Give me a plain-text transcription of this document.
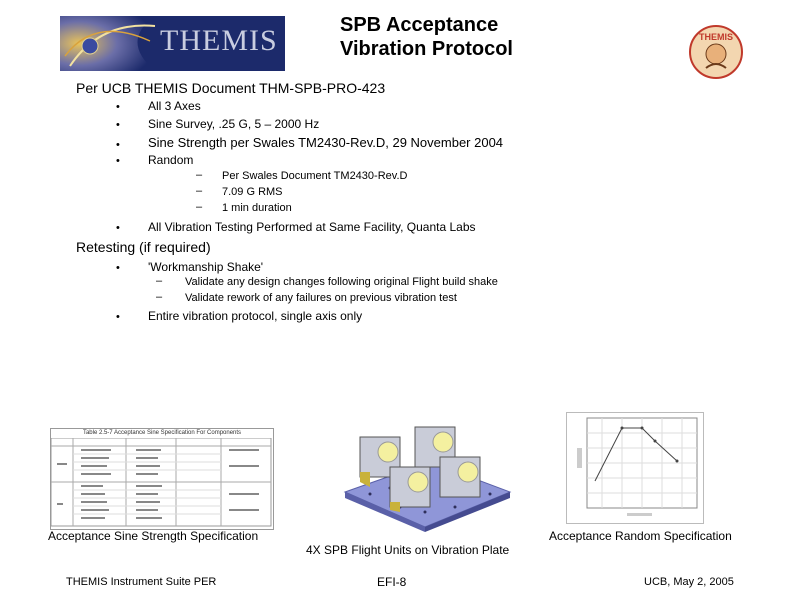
THEMIS	SPB Acceptance
Vibration Protocol
THEMIS
Per UCB THEMIS Document THM-SPB-PRO-423
• All 3 Axes
• Sine Survey, .25 G, 5 – 2000 Hz
• Sine Strength per Swales TM2430-Rev.D, 29 November 2004
• Random
– Per Swales Document TM2430-Rev.D
– 7.09 G RMS
– 1 min duration
• All Vibration Testing Performed at Same Facility, Quanta Labs
Retesting (if required)
• 'Workmanship Shake'
– Validate any design changes following original Flight build shake
– Validate rework of any failures on previous vibration test
• Entire vibration protocol, single axis only
Table 2.5-7 Acceptance Sine Specification For Components
Acceptance Sine Strength Specification
4X SPB Flight Units on Vibration Plate
Acceptance Random Specification
THEMIS Instrument Suite PER	EFI-8	UCB, May 2, 2005
